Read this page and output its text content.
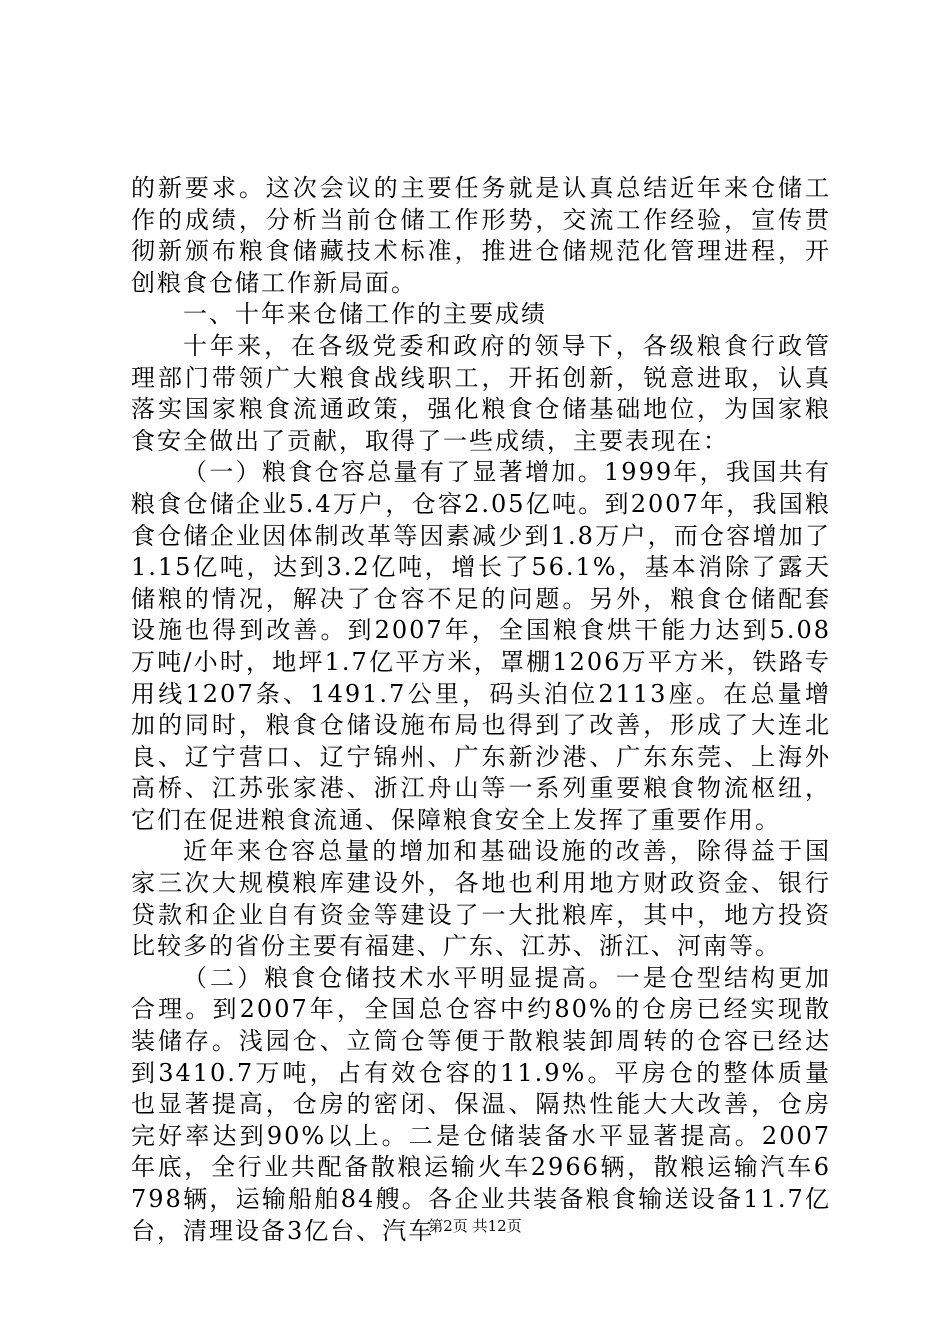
的新要求。这次会议的主要任务就是认真总结近年来仓储工作的成绩，分析当前仓储工作形势，交流工作经验，宣传贯彻新颁布粮食储藏技术标准，推进仓储规范化管理进程，开创粮食仓储工作新局面。

一、十年来仓储工作的主要成绩

十年来，在各级党委和政府的领导下，各级粮食行政管理部门带领广大粮食战线职工，开拓创新，锐意进取，认真落实国家粮食流通政策，强化粮食仓储基础地位，为国家粮食安全做出了贡献，取得了一些成绩，主要表现在：

（一）粮食仓容总量有了显著增加。1999年，我国共有粮食仓储企业5.4万户，仓容2.05亿吨。到2007年，我国粮食仓储企业因体制改革等因素减少到1.8万户，而仓容增加了1.15亿吨，达到3.2亿吨，增长了56.1%，基本消除了露天储粮的情况，解决了仓容不足的问题。另外，粮食仓储配套设施也得到改善。到2007年，全国粮食烘干能力达到5.08万吨/小时，地坪1.7亿平方米，罩棚1206万平方米，铁路专用线1207条、1491.7公里，码头泊位2113座。在总量增加的同时，粮食仓储设施布局也得到了改善，形成了大连北良、辽宁营口、辽宁锦州、广东新沙港、广东东莞、上海外高桥、江苏张家港、浙江舟山等一系列重要粮食物流枢纽，它们在促进粮食流通、保障粮食安全上发挥了重要作用。

近年来仓容总量的增加和基础设施的改善，除得益于国家三次大规模粮库建设外，各地也利用地方财政资金、银行贷款和企业自有资金等建设了一大批粮库，其中，地方投资比较多的省份主要有福建、广东、江苏、浙江、河南等。

（二）粮食仓储技术水平明显提高。一是仓型结构更加合理。到2007年，全国总仓容中约80%的仓房已经实现散装储存。浅园仓、立筒仓等便于散粮装卸周转的仓容已经达到3410.7万吨，占有效仓容的11.9%。平房仓的整体质量也显著提高，仓房的密闭、保温、隔热性能大大改善，仓房完好率达到90%以上。二是仓储装备水平显著提高。2007年底，全行业共配备散粮运输火车2966辆，散粮运输汽车6798辆，运输船舶84艘。各企业共装备粮食输送设备11.7亿台，清理设备3亿台、汽车

第2页 共12页
